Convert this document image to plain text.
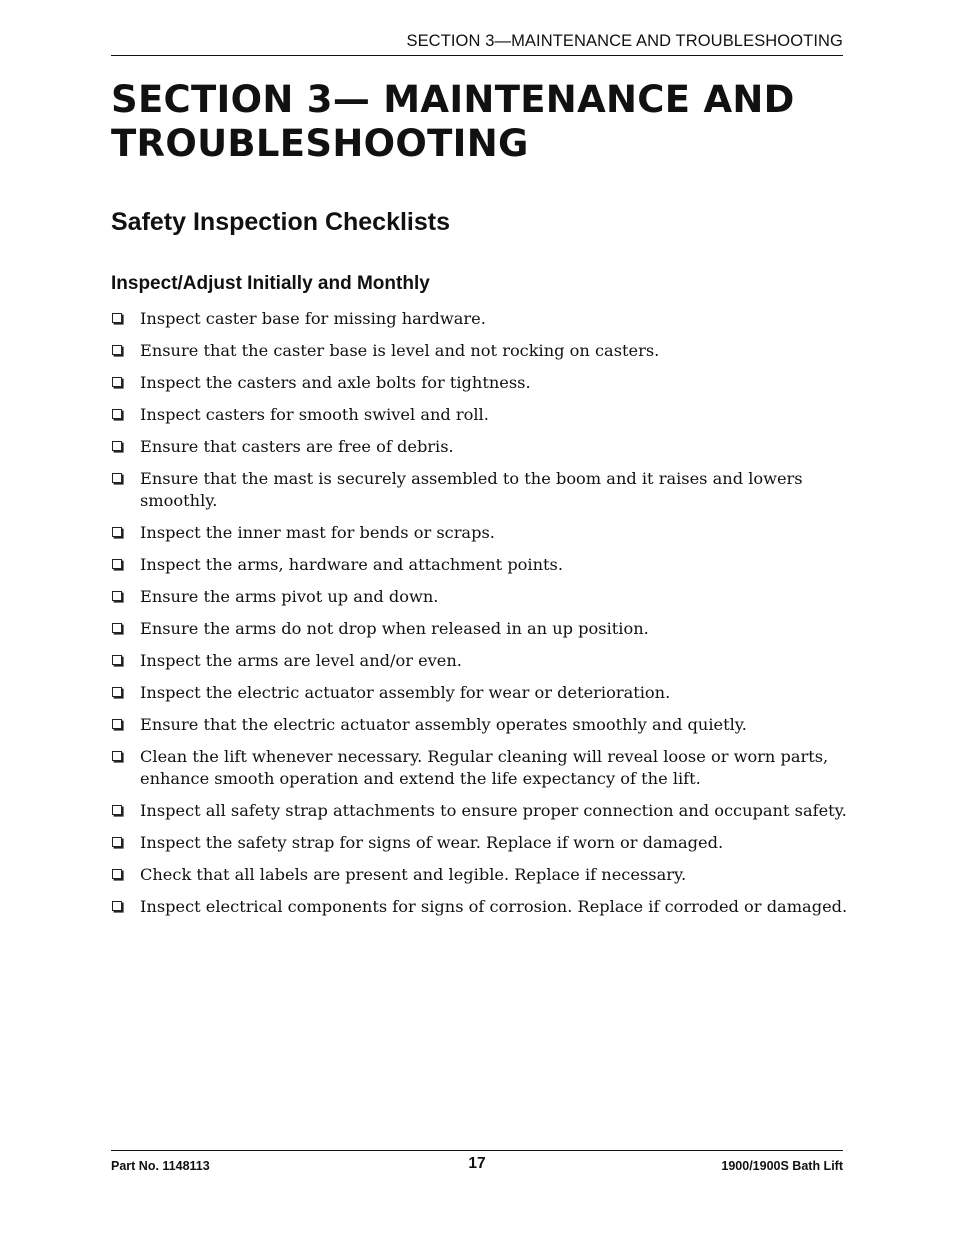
SECTION 3—MAINTENANCE AND TROUBLESHOOTING
SECTION 3— MAINTENANCE AND
TROUBLESHOOTING
Safety Inspection Checklists
Inspect/Adjust Initially and Monthly
Inspect caster base for missing hardware.
Ensure that the caster base is level and not rocking on casters.
Inspect the casters and axle bolts for tightness.
Inspect casters for smooth swivel and roll.
Ensure that casters are free of debris.
Ensure that the mast is securely assembled to the boom and it raises and lowers smoothly.
Inspect the inner mast for bends or scraps.
Inspect the arms, hardware and attachment points.
Ensure the arms pivot up and down.
Ensure the arms do not drop when released in an up position.
Inspect the arms are level and/or even.
Inspect the electric actuator assembly for wear or deterioration.
Ensure that the electric actuator assembly operates smoothly and quietly.
Clean the lift whenever necessary. Regular cleaning will reveal loose or worn parts, enhance smooth operation and extend the life expectancy of the lift.
Inspect all safety strap attachments to ensure proper connection and occupant safety.
Inspect the safety strap for signs of wear. Replace if worn or damaged.
Check that all labels are present and legible. Replace if necessary.
Inspect electrical components for signs of corrosion. Replace if corroded or damaged.
Part No. 1148113	17	1900/1900S Bath Lift
